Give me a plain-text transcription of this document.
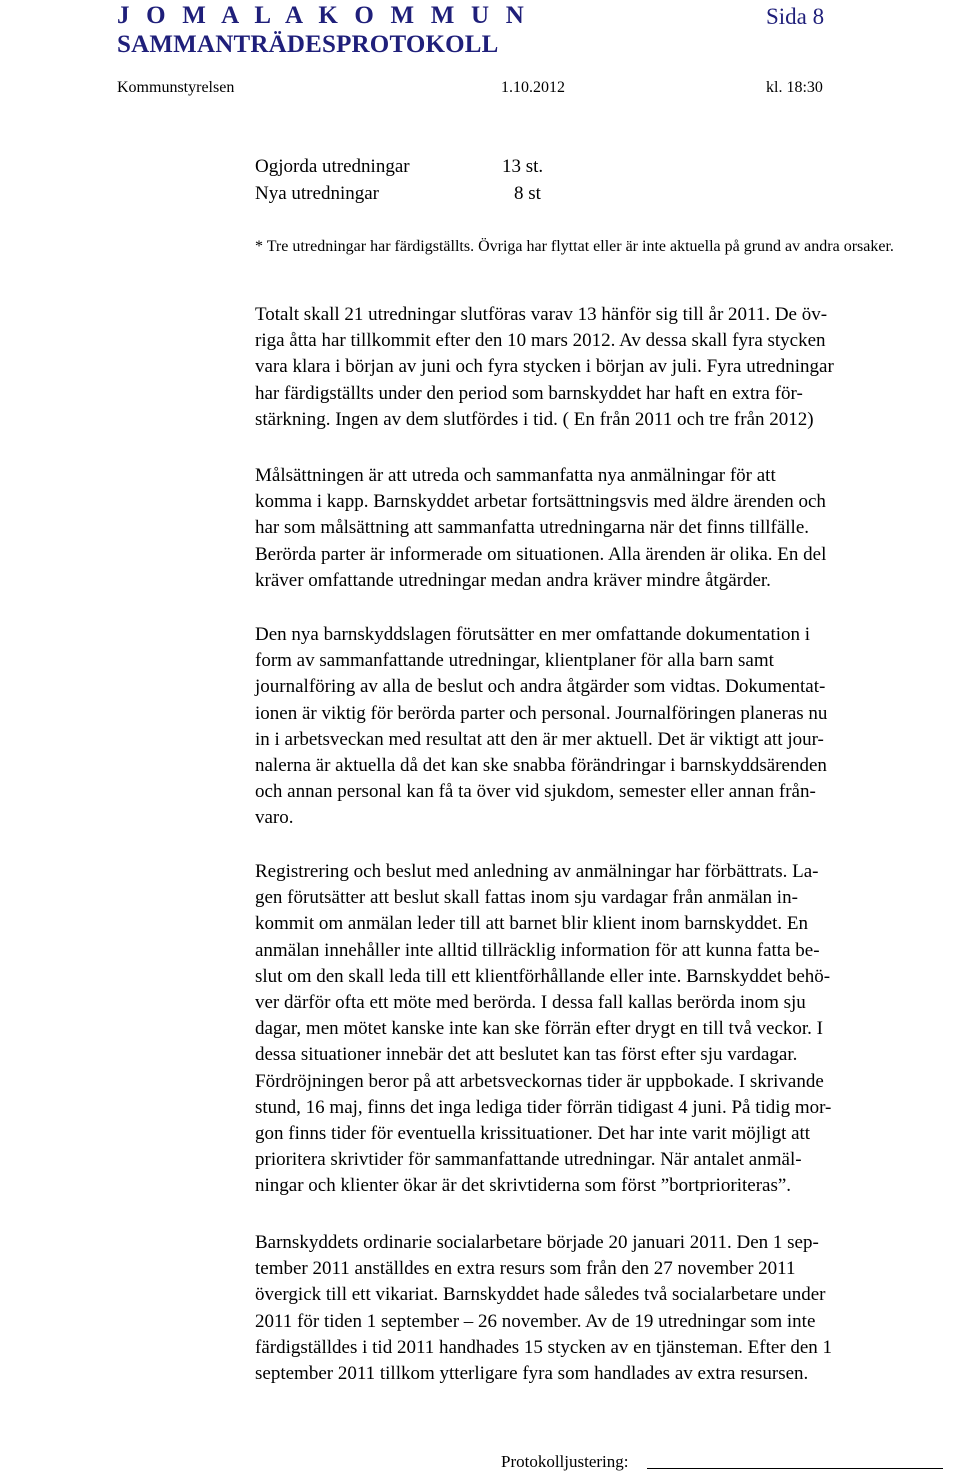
J O M A L A K O M M U N	Sida 8
SAMMANTRÄDESPROTOKOLL
Kommunstyrelsen	1.10.2012	kl. 18:30
Ogjorda utredningar	13 st.
Nya utredningar	8 st
* Tre utredningar har färdigställts. Övriga har flyttat eller är inte aktuella på grund av andra orsaker.
Totalt skall 21 utredningar slutföras varav 13 hänför sig till år 2011. De öv-
riga åtta har tillkommit efter den 10 mars 2012. Av dessa skall fyra stycken
vara klara i början av juni och fyra stycken i början av juli. Fyra utredningar
har färdigställts under den period som barnskyddet har haft en extra för-
stärkning. Ingen av dem slutfördes i tid. ( En från 2011 och tre från 2012)
Målsättningen är att utreda och sammanfatta nya anmälningar för att
komma i kapp. Barnskyddet arbetar fortsättningsvis med äldre ärenden och
har som målsättning att sammanfatta utredningarna när det finns tillfälle.
Berörda parter är informerade om situationen. Alla ärenden är olika. En del
kräver omfattande utredningar medan andra kräver mindre åtgärder.
Den nya barnskyddslagen förutsätter en mer omfattande dokumentation i
form av sammanfattande utredningar, klientplaner för alla barn samt
journalföring av alla de beslut och andra åtgärder som vidtas. Dokumentat-
ionen är viktig för berörda parter och personal. Journalföringen planeras nu
in i arbetsveckan med resultat att den är mer aktuell. Det är viktigt att jour-
nalerna är aktuella då det kan ske snabba förändringar i barnskyddsärenden
och annan personal kan få ta över vid sjukdom, semester eller annan från-
varo.
Registrering och beslut med anledning av anmälningar har förbättrats. La-
gen förutsätter att beslut skall fattas inom sju vardagar från anmälan in-
kommit om anmälan leder till att barnet blir klient inom barnskyddet. En
anmälan innehåller inte alltid tillräcklig information för att kunna fatta be-
slut om den skall leda till ett klientförhållande eller inte. Barnskyddet behö-
ver därför ofta ett möte med berörda. I dessa fall kallas berörda inom sju
dagar, men mötet kanske inte kan ske förrän efter drygt en till två veckor. I
dessa situationer innebär det att beslutet kan tas först efter sju vardagar.
Fördröjningen beror på att arbetsveckornas tider är uppbokade. I skrivande
stund, 16 maj, finns det inga lediga tider förrän tidigast 4 juni. På tidig mor-
gon finns tider för eventuella krissituationer. Det har inte varit möjligt att
prioritera skrivtider för sammanfattande utredningar. När antalet anmäl-
ningar och klienter ökar är det skrivtiderna som först ”bortprioriteras”.
Barnskyddets ordinarie socialarbetare började 20 januari 2011. Den 1 sep-
tember 2011 anställdes en extra resurs som från den 27 november 2011
övergick till ett vikariat. Barnskyddet hade således två socialarbetare under
2011 för tiden 1 september – 26 november. Av de 19 utredningar som inte
färdigställdes i tid 2011 handhades 15 stycken av en tjänsteman. Efter den 1
september 2011 tillkom ytterligare fyra som handlades av extra resursen.
Protokolljustering:
